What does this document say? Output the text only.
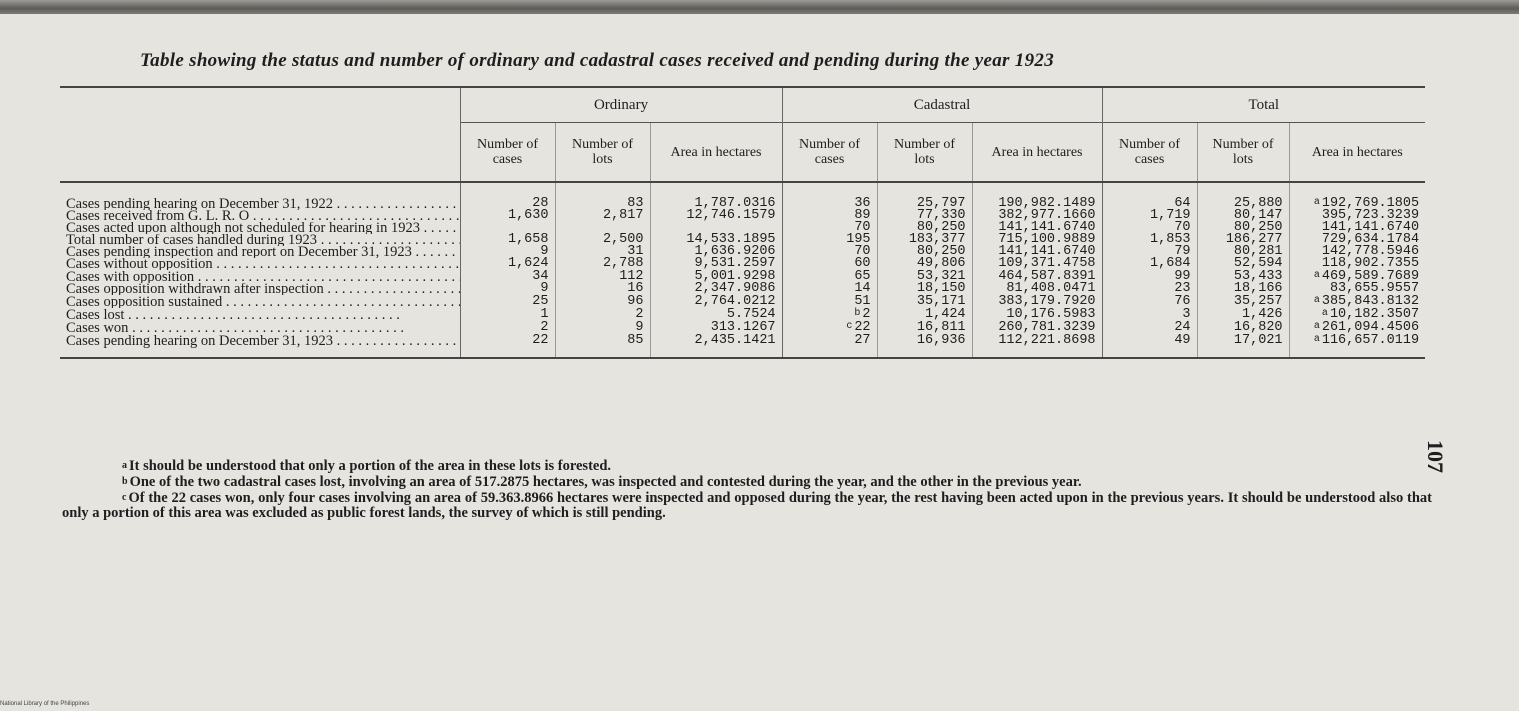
Table showing the status and number of ordinary and cadastral cases received and pending during the year 1923
	Ordinary			Cadastral			Total		
	Number of cases	Number of lots	Area in hectares	Number of cases	Number of lots	Area in hectares	Number of cases	Number of lots	Area in hectares
Cases pending hearing on December 31, 1922 . . .	28	83	1,787.0316	36	25,797	190,982.1489	64	25,880	$^a$ 192,769.1805
Cases received from G. L. R. O . . .	1,630	2,817	12,746.1579	89	77,330	382,977.1660	1,719	80,147	395,723.3239
Cases acted upon although not scheduled for hearing in 1923 . . .				70	80,250	141,141.6740	70	80,250	141,141.6740
Total number of cases handled during 1923 . . .	1,658	2,500	14,533.1895	195	183,377	715,100.9889	1,853	186,277	729,634.1784
Cases pending inspection and report on December 31, 1923 . . .	9	31	1,636.9206	70	80,250	141,141.6740	79	80,281	142,778.5946
Cases without opposition . . .	1,624	2,788	9,531.2597	60	49,806	109,371.4758	1,684	52,594	118,902.7355
Cases with opposition . . .	34	112	5,001.9298	65	53,321	464,587.8391	99	53,433	$^a$ 469,589.7689
Cases opposition withdrawn after inspection . . .	9	16	2,347.9086	14	18,150	81,408.0471	23	18,166	83,655.9557
Cases opposition sustained . . .	25	96	2,764.0212	51	35,171	383,179.7920	76	35,257	$^a$ 385,843.8132
Cases lost . . .	1	2	5.7524	$^b$ 2	1,424	10,176.5983	3	1,426	$^a$ 10,182.3507
Cases won . . .	2	9	313.1267	$^c$ 22	16,811	260,781.3239	24	16,820	$^a$ 261,094.4506
Cases pending hearing on December 31, 1923 . . .	22	85	2,435.1421	27	16,936	112,221.8698	49	17,021	$^a$ 116,657.0119

$^a$ It should be understood that only a portion of the area in these lots is forested.

$^b$ One of the two cadastral cases lost, involving an area of 517.2875 hectares, was inspected and contested during the year, and the other in the previous year.

$^c$ Of the 22 cases won, only four cases involving an area of 59.363.8966 hectares were inspected and opposed during the year, the rest having been acted upon in the previous years. It should be understood also that only a portion of this area was excluded as public forest lands, the survey of which is still pending.

107
National Library of the Philippines
